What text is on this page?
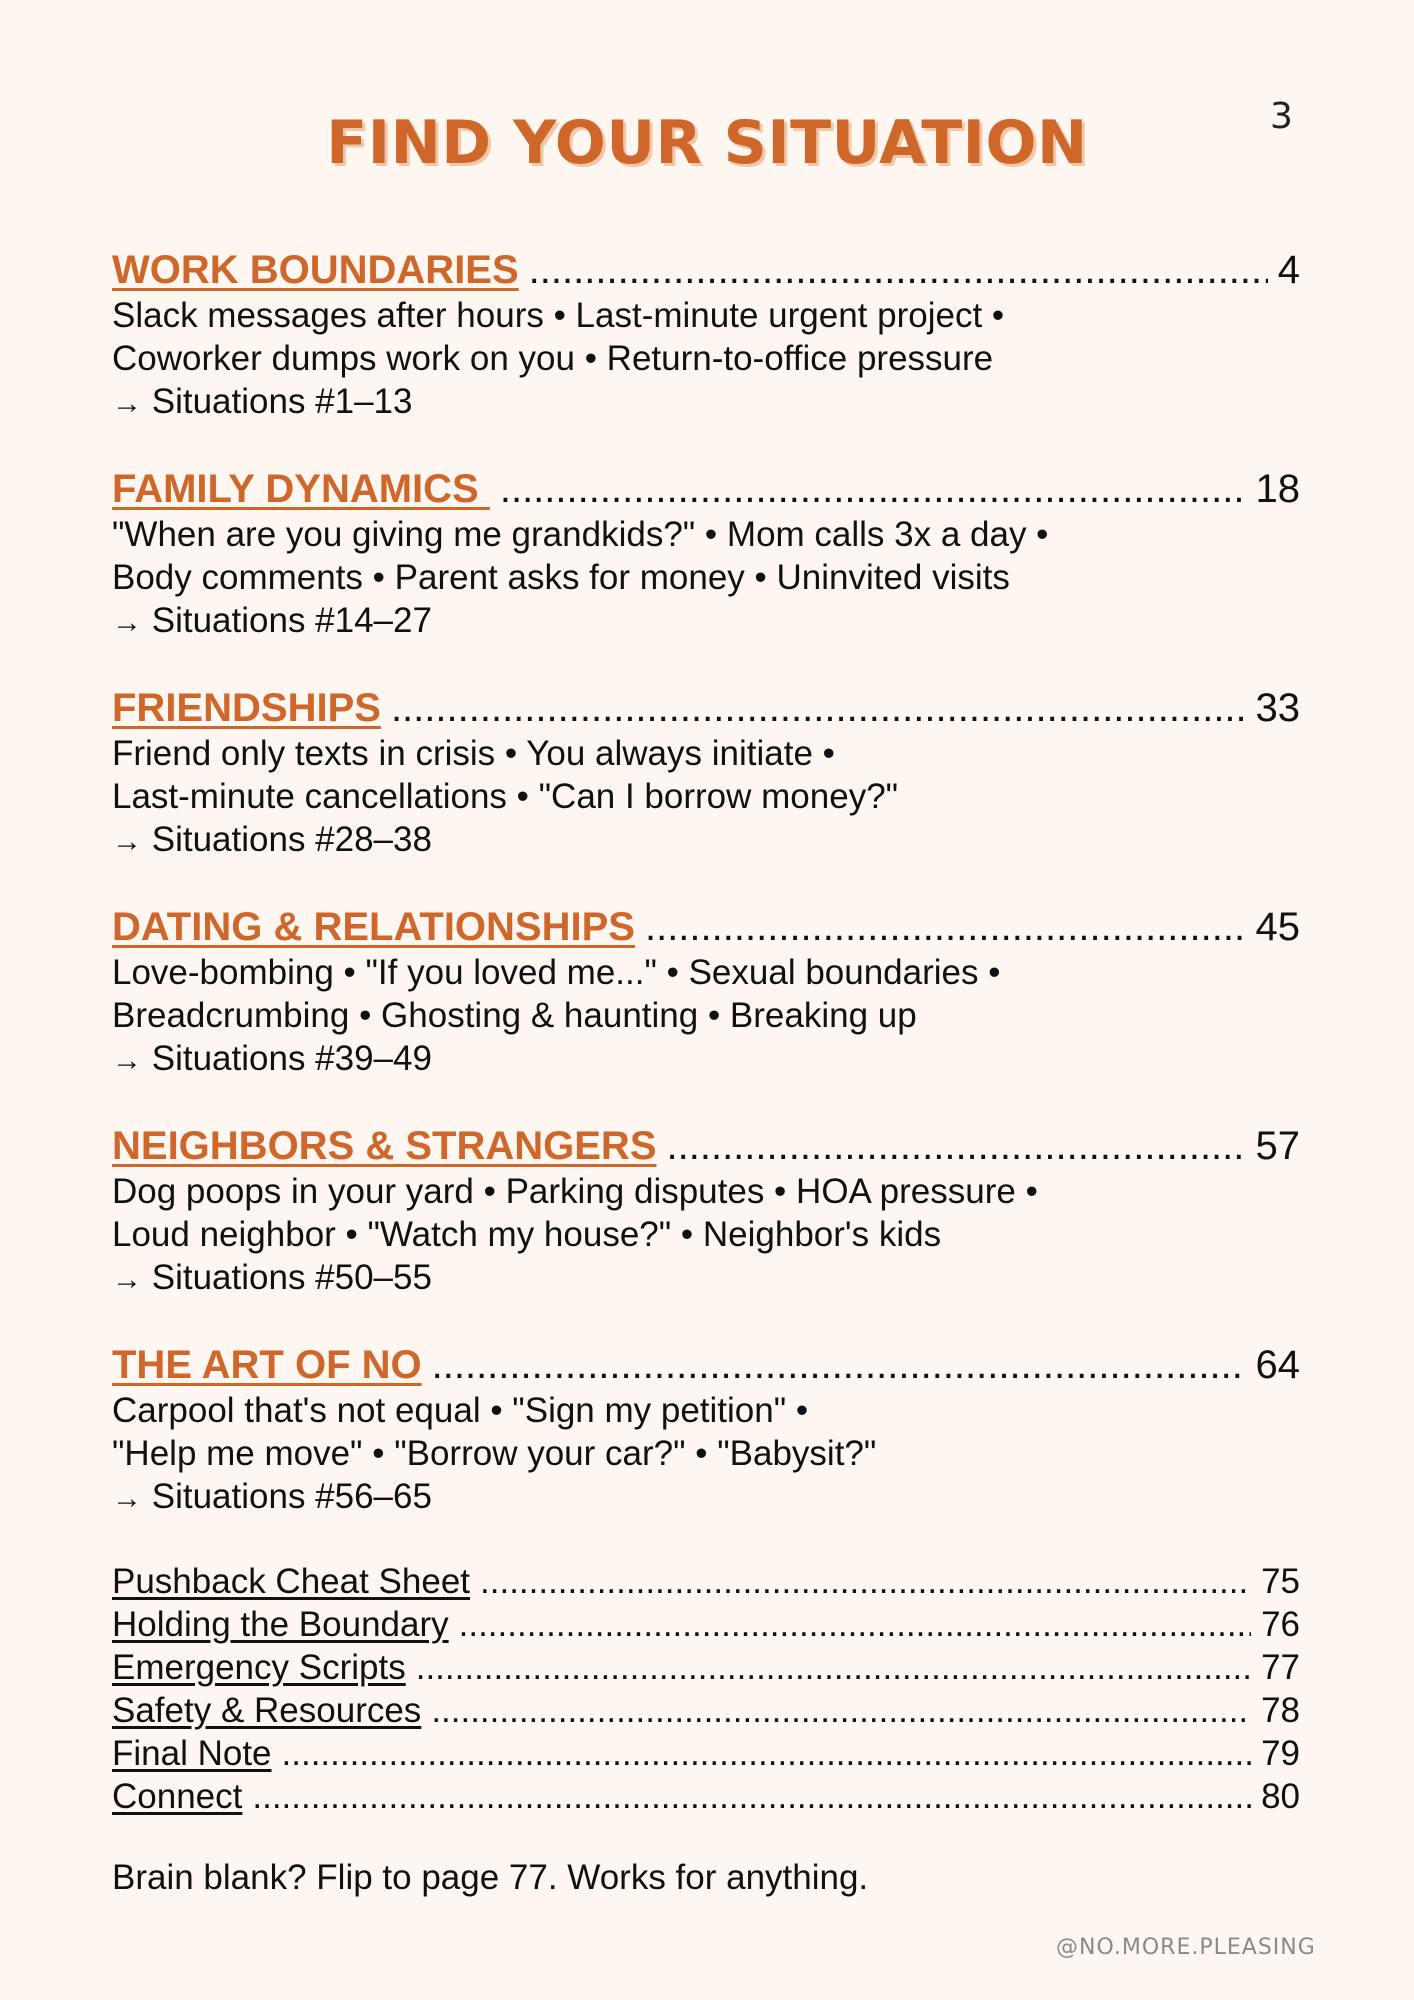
3
FIND YOUR SITUATION
WORK BOUNDARIES .....	4
Slack messages after hours • Last-minute urgent project •
Coworker dumps work on you • Return-to-office pressure
→ Situations #1–13
FAMILY DYNAMICS .....	18
"When are you giving me grandkids?" • Mom calls 3x a day •
Body comments • Parent asks for money • Uninvited visits
→ Situations #14–27
FRIENDSHIPS .....	33
Friend only texts in crisis • You always initiate •
Last-minute cancellations • "Can I borrow money?"
→ Situations #28–38
DATING & RELATIONSHIPS .....	45
Love-bombing • "If you loved me..." • Sexual boundaries •
Breadcrumbing • Ghosting & haunting • Breaking up
→ Situations #39–49
NEIGHBORS & STRANGERS .....	57
Dog poops in your yard • Parking disputes • HOA pressure •
Loud neighbor • "Watch my house?" • Neighbor's kids
→ Situations #50–55
THE ART OF NO .....	64
Carpool that's not equal • "Sign my petition" •
"Help me move" • "Borrow your car?" • "Babysit?"
→ Situations #56–65
Pushback Cheat Sheet .....	75
Holding the Boundary .....	76
Emergency Scripts .....	77
Safety & Resources .....	78
Final Note .....	79
Connect .....	80
Brain blank? Flip to page 77. Works for anything.
@NO.MORE.PLEASING
